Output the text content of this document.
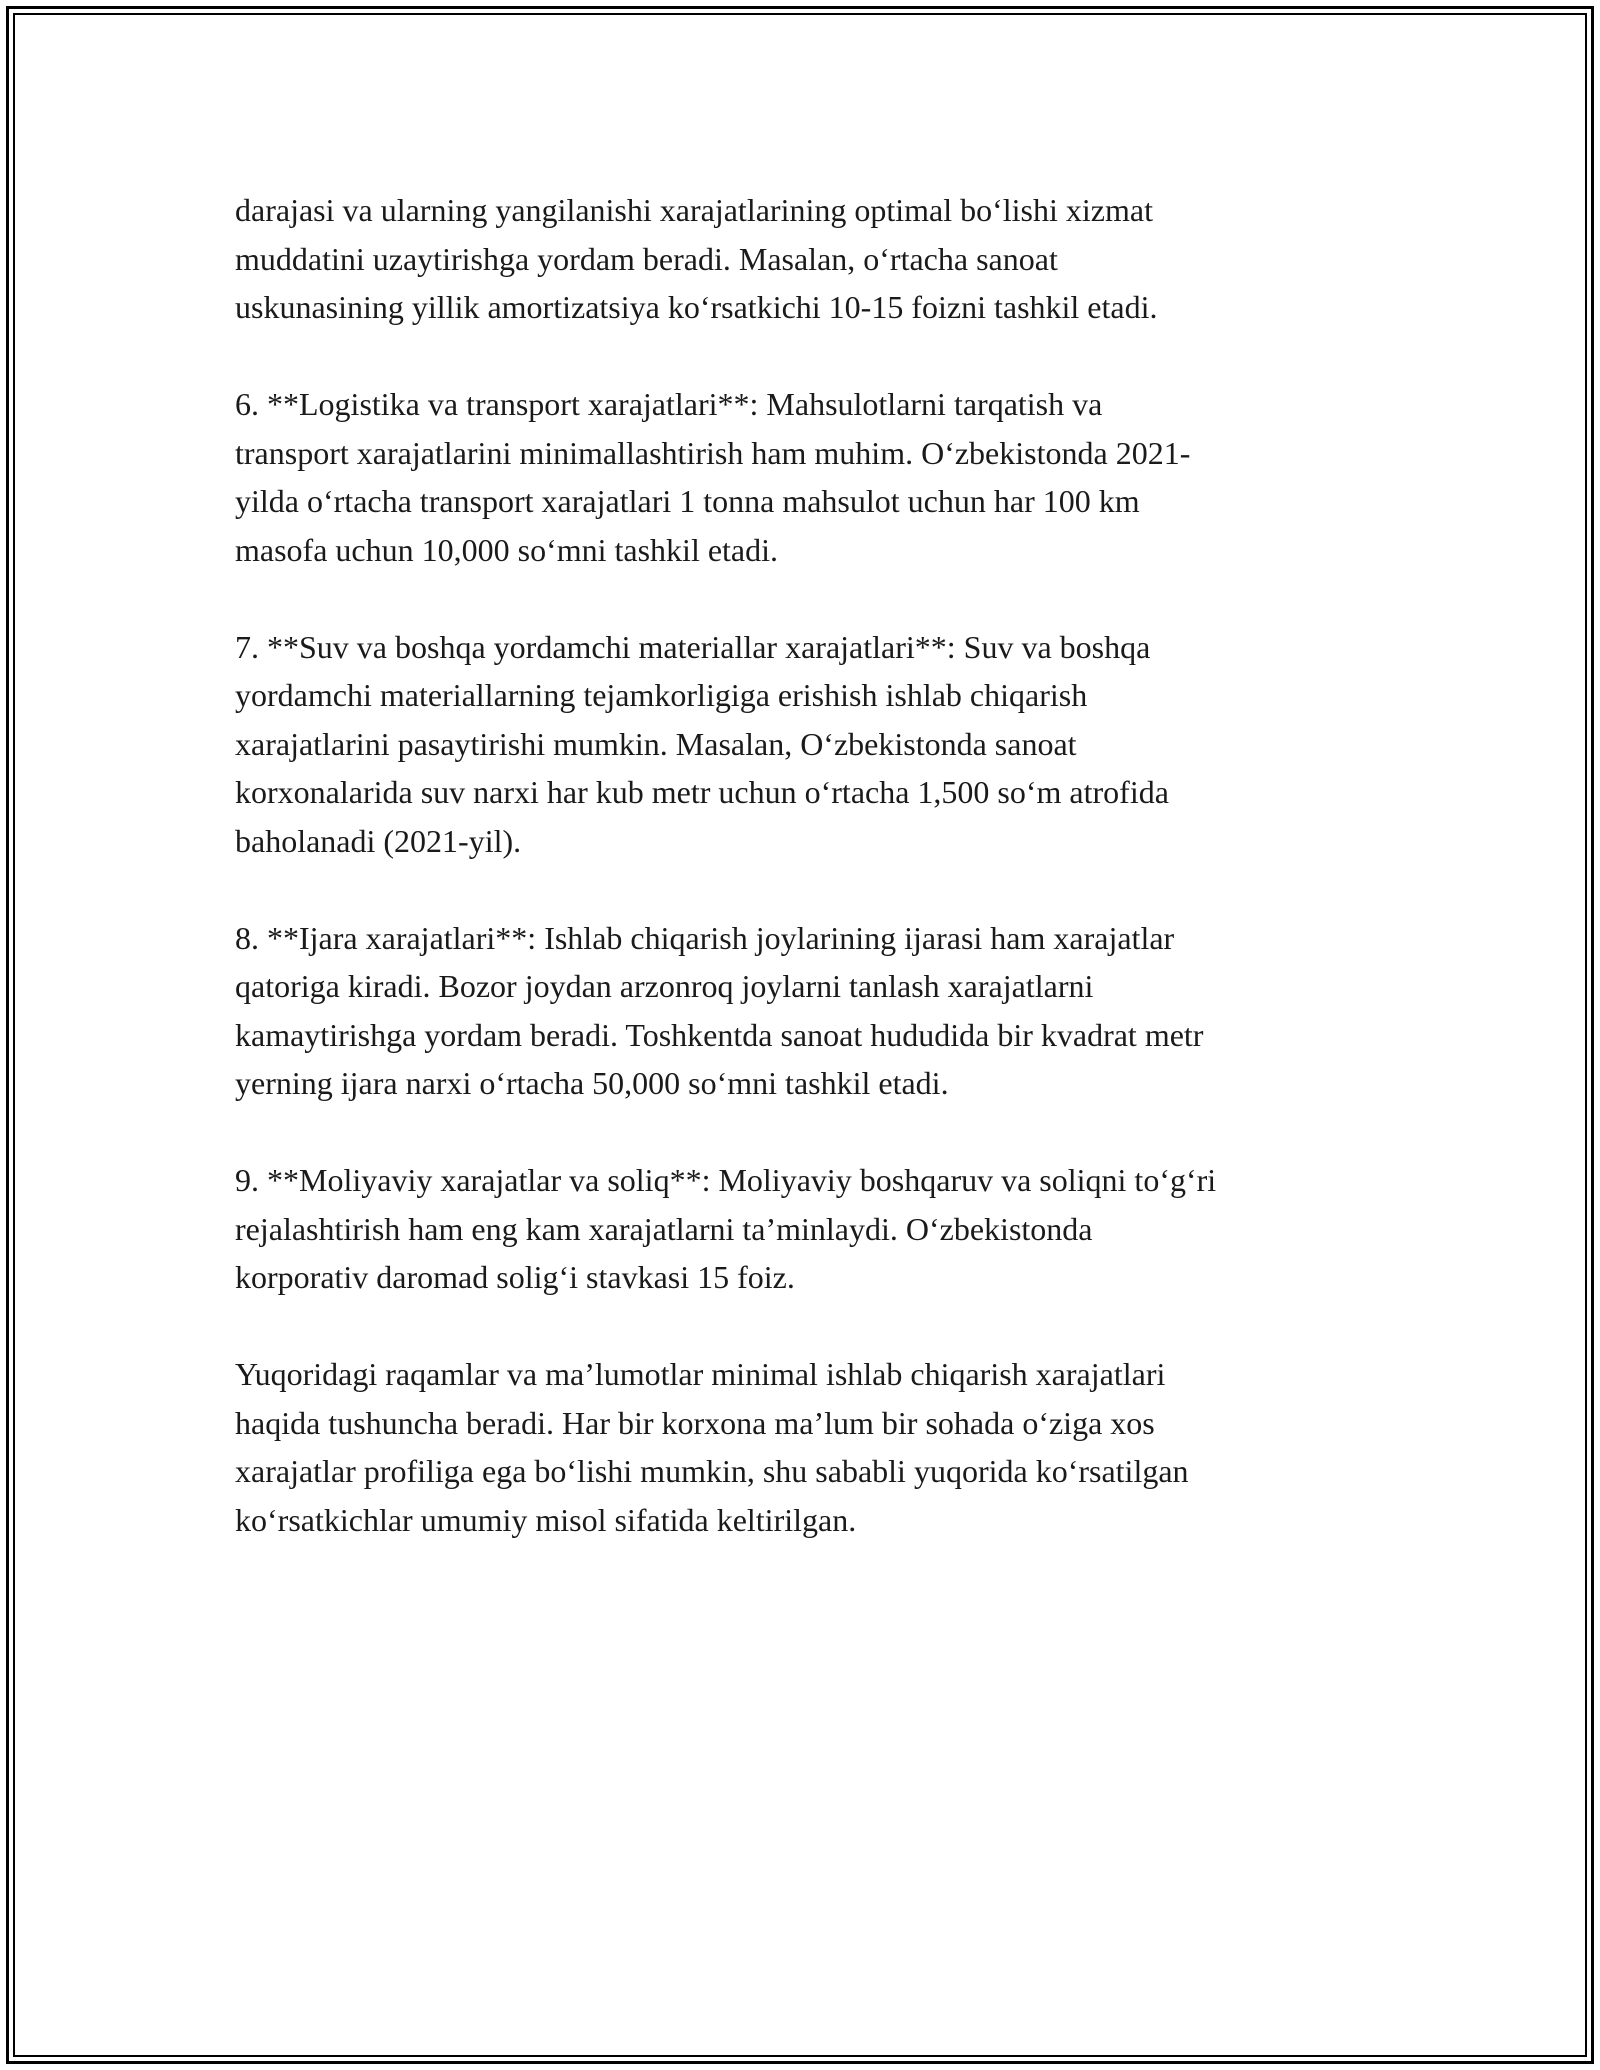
darajasi va ularning yangilanishi xarajatlarining optimal boʻlishi xizmat
muddatini uzaytirishga yordam beradi. Masalan, oʻrtacha sanoat
uskunasining yillik amortizatsiya koʻrsatkichi 10-15 foizni tashkil etadi.

6. **Logistika va transport xarajatlari**: Mahsulotlarni tarqatish va
transport xarajatlarini minimallashtirish ham muhim. Oʻzbekistonda 2021-
yilda oʻrtacha transport xarajatlari 1 tonna mahsulot uchun har 100 km
masofa uchun 10,000 soʻmni tashkil etadi.

7. **Suv va boshqa yordamchi materiallar xarajatlari**: Suv va boshqa
yordamchi materiallarning tejamkorligiga erishish ishlab chiqarish
xarajatlarini pasaytirishi mumkin. Masalan, Oʻzbekistonda sanoat
korxonalarida suv narxi har kub metr uchun oʻrtacha 1,500 soʻm atrofida
baholanadi (2021-yil).

8. **Ijara xarajatlari**: Ishlab chiqarish joylarining ijarasi ham xarajatlar
qatoriga kiradi. Bozor joydan arzonroq joylarni tanlash xarajatlarni
kamaytirishga yordam beradi. Toshkentda sanoat hududida bir kvadrat metr
yerning ijara narxi oʻrtacha 50,000 soʻmni tashkil etadi.

9. **Moliyaviy xarajatlar va soliq**: Moliyaviy boshqaruv va soliqni toʻgʻri
rejalashtirish ham eng kam xarajatlarni taʼminlaydi. Oʻzbekistonda
korporativ daromad soligʻi stavkasi 15 foiz.

Yuqoridagi raqamlar va maʼlumotlar minimal ishlab chiqarish xarajatlari
haqida tushuncha beradi. Har bir korxona maʼlum bir sohada oʻziga xos
xarajatlar profiliga ega boʻlishi mumkin, shu sababli yuqorida koʻrsatilgan
koʻrsatkichlar umumiy misol sifatida keltirilgan.
